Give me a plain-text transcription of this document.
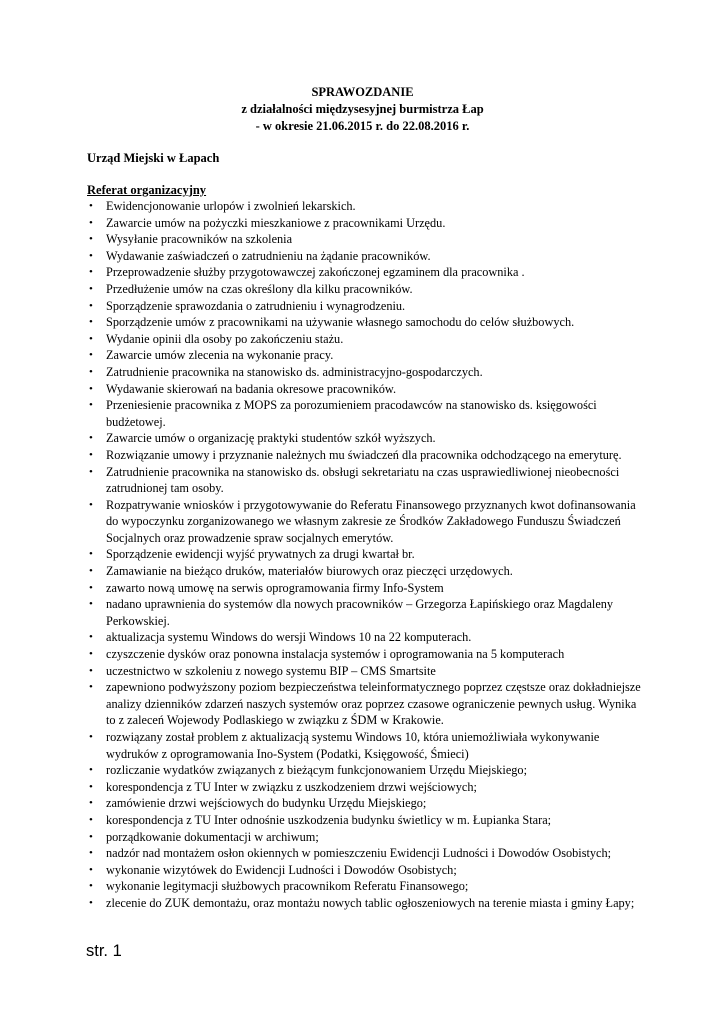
SPRAWOZDANIE
z działalności międzysesyjnej burmistrza Łap
- w okresie 21.06.2015 r. do 22.08.2016 r.
Urząd Miejski w Łapach
Referat organizacyjny
• Ewidencjonowanie urlopów i zwolnień lekarskich.
• Zawarcie umów na pożyczki mieszkaniowe z pracownikami Urzędu.
• Wysyłanie pracowników na szkolenia
• Wydawanie zaświadczeń o zatrudnieniu na żądanie pracowników.
• Przeprowadzenie służby przygotowawczej zakończonej egzaminem dla pracownika .
• Przedłużenie umów na czas określony dla kilku pracowników.
• Sporządzenie sprawozdania o zatrudnieniu i wynagrodzeniu.
• Sporządzenie umów z pracownikami na używanie własnego samochodu do celów służbowych.
• Wydanie opinii dla osoby po zakończeniu stażu.
• Zawarcie umów zlecenia na wykonanie pracy.
• Zatrudnienie pracownika na stanowisko ds. administracyjno-gospodarczych.
• Wydawanie skierowań na badania okresowe pracowników.
• Przeniesienie pracownika z MOPS za porozumieniem pracodawców na stanowisko ds. księgowości budżetowej.
• Zawarcie umów o organizację praktyki studentów szkół wyższych.
• Rozwiązanie umowy i przyznanie należnych mu świadczeń dla pracownika odchodzącego na emeryturę.
• Zatrudnienie pracownika na stanowisko ds. obsługi sekretariatu na czas usprawiedliwionej nieobecności zatrudnionej tam osoby.
• Rozpatrywanie wniosków i przygotowywanie do Referatu Finansowego przyznanych kwot dofinansowania do wypoczynku zorganizowanego we własnym zakresie ze Środków Zakładowego Funduszu Świadczeń Socjalnych oraz prowadzenie spraw socjalnych emerytów.
• Sporządzenie ewidencji wyjść prywatnych za drugi kwartał br.
• Zamawianie na bieżąco druków, materiałów biurowych oraz pieczęci urzędowych.
• zawarto nową umowę na serwis oprogramowania firmy Info-System
• nadano uprawnienia do systemów dla nowych pracowników – Grzegorza Łapińskiego oraz Magdaleny Perkowskiej.
• aktualizacja systemu Windows do wersji Windows 10 na 22 komputerach.
• czyszczenie dysków oraz ponowna instalacja systemów i oprogramowania na 5 komputerach
• uczestnictwo w szkoleniu z nowego systemu BIP – CMS Smartsite
• zapewniono podwyższony poziom bezpieczeństwa teleinformatycznego poprzez częstsze oraz dokładniejsze analizy dzienników zdarzeń naszych systemów oraz poprzez czasowe ograniczenie pewnych usług. Wynika to z zaleceń Wojewody Podlaskiego w związku z ŚDM w Krakowie.
• rozwiązany został problem z aktualizacją systemu Windows 10, która uniemożliwiała wykonywanie wydruków z oprogramowania Ino-System (Podatki, Księgowość, Śmieci)
• rozliczanie wydatków związanych z bieżącym funkcjonowaniem Urzędu Miejskiego;
• korespondencja z TU Inter w związku z uszkodzeniem drzwi wejściowych;
• zamówienie drzwi wejściowych do budynku Urzędu Miejskiego;
• korespondencja z TU Inter odnośnie uszkodzenia budynku świetlicy w m. Łupianka Stara;
• porządkowanie dokumentacji w archiwum;
• nadzór nad montażem osłon okiennych w pomieszczeniu Ewidencji Ludności i Dowodów Osobistych;
• wykonanie wizytówek do Ewidencji Ludności i Dowodów Osobistych;
• wykonanie legitymacji służbowych pracownikom Referatu Finansowego;
• zlecenie do ZUK demontażu, oraz montażu nowych tablic ogłoszeniowych na terenie miasta i gminy Łapy;
str. 1
